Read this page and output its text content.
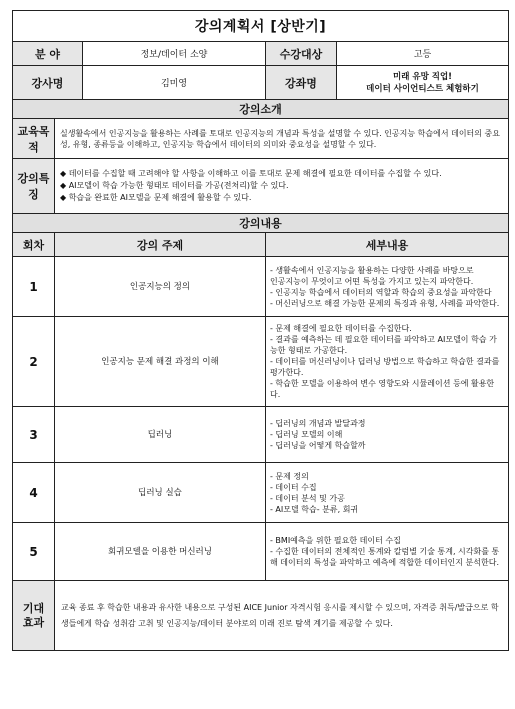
강의계획서 [상반기]			
분 야		정보/데이터 소양	수강대상 고등

강사명		김미영	강좌명 미래 유망 직업!
데이터 사이언티스트 체험하기

강의소개			
교육목적	실생활속에서 인공지능을 활용하는 사례를 토대로 인공지능의 개념과 특성을 설명할 수 있다. 인공지능 학습에서 데이터의 중요성, 유형, 종류등을 이해하고, 인공지능 학습에서 데이터의 의미와 중요성을 설명할 수 있다.		
강의특징	◆ 데이터를 수집할 때 고려해야 할 사항을 이해하고 이를 토대로 문제 해결에 필요한 데이터를 수집할 수 있다.
◆ AI모델이 학습 가능한 형태로 데이터를 가공(전처리)할 수 있다.
◆ 학습을 완료한 AI모델을 문제 해결에 활용할 수 있다.		

강의내용			
회차	강의 주제		세부내용
1	인공지능의 정의		- 생활속에서 인공지능을 활용하는 다양한 사례를 바탕으로
인공지능이 무엇이고 어떤 특성을 가지고 있는지 파악한다.
- 인공지능 학습에서 데이터의 역할과 학습의 중요성을 파악한다
- 머신러닝으로 해결 가능한 문제의 특징과 유형, 사례를 파악한다.

2	인공지능 문제 해결 과정의 이해		- 문제 해결에 필요한 데이터를 수집한다.
- 결과를 예측하는 데 필요한 데이터를 파악하고 AI모델이 학습 가능한 형태로 가공한다.
- 데이터를 머신러닝이나 딥러닝 방법으로 학습하고 학습한 결과를 평가한다.
- 학습한 모델을 이용하여 변수 영향도와 시뮬레이션 등에 활용한다.

3	딥러닝		- 딥러닝의 개념과 발달과정
- 딥러닝 모델의 이해
- 딥러닝을 어떻게 학습할까

4	딥러닝 실습		- 문제 정의
- 데이터 수집
- 데이터 분석 및 가공
- AI모델 학습- 분류, 회귀

5	회귀모델을 이용한 머신러닝		- BMI예측을 위한 필요한 데이터 수집
- 수집한 데이터의 전체적인 통계와 칼럼별 기술 통계, 시각화를 통해 데이터의 특성을 파악하고 예측에 적합한 데이터인지 분석한다.

기대
효과	교육 종료 후 학습한 내용과 유사한 내용으로 구성된 AICE Junior 자격시험 응시를 제시할 수 있으며, 자격증 취득/발급으로 학생들에게 학습 성취감 고취 및 인공지능/데이터 분야로의 미래 진로 탐색 계기를 제공할 수 있다.		
